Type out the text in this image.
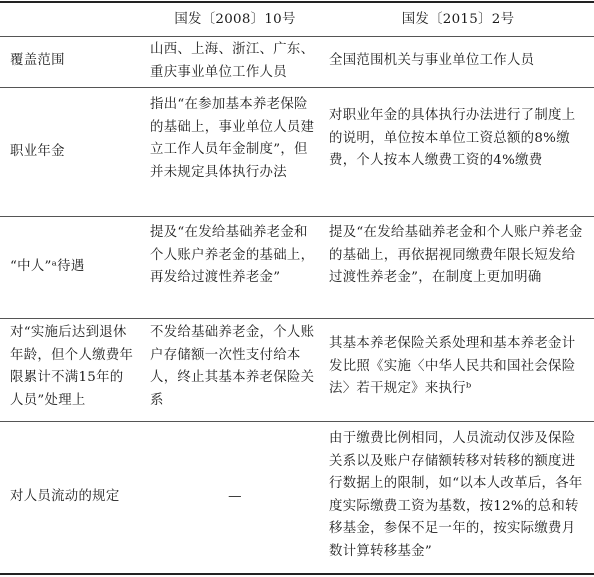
国发〔2008〕10号	国发〔2015〕2号
覆盖范围
山西、上海、浙江、广东、重庆事业单位工作人员
全国范围机关与事业单位工作人员
职业年金
指出“在参加基本养老保险的基础上，事业单位人员建立工作人员年金制度”，但并未规定具体执行办法
对职业年金的具体执行办法进行了制度上的说明，单位按本单位工资总额的8%缴费，个人按本人缴费工资的4%缴费
“中人”ᵃ待遇
提及“在发给基础养老金和个人账户养老金的基础上，再发给过渡性养老金”
提及“在发给基础养老金和个人账户养老金的基础上，再依据视同缴费年限长短发给过渡性养老金”，在制度上更加明确
对“实施后达到退休年龄，但个人缴费年限累计不满15年的人员”处理上
不发给基础养老金，个人账户存储额一次性支付给本人，终止其基本养老保险关系
其基本养老保险关系处理和基本养老金计发比照《实施〈中华人民共和国社会保险法〉若干规定》来执行ᵇ
对人员流动的规定	—
由于缴费比例相同，人员流动仅涉及保险关系以及账户存储额转移对转移的额度进行数据上的限制，如“以本人改革后，各年度实际缴费工资为基数，按12%的总和转移基金，参保不足一年的，按实际缴费月数计算转移基金”
